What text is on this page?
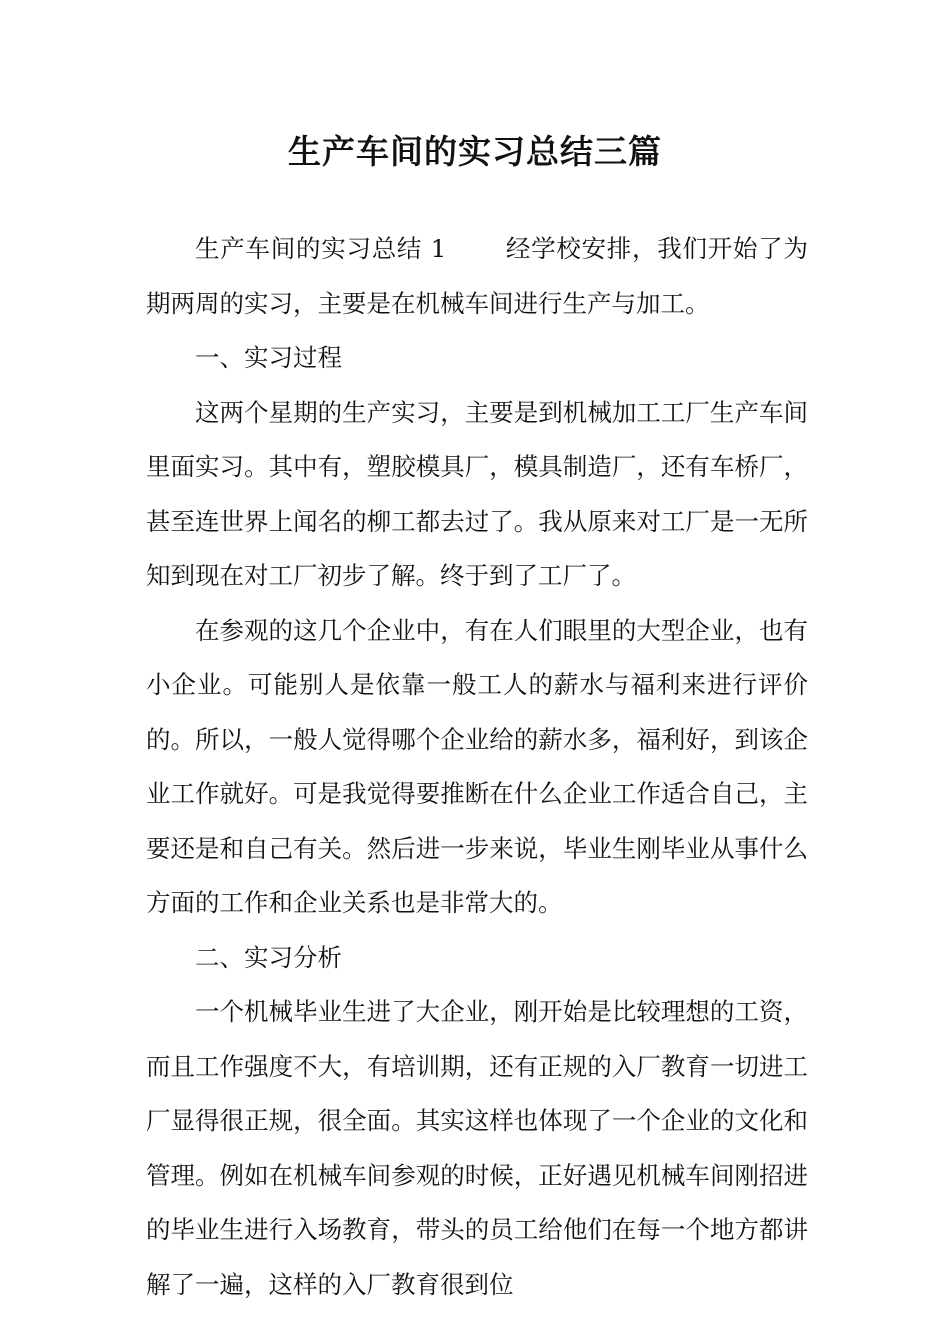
生产车间的实习总结三篇

生产车间的实习总结 1 经学校安排，我们开始了为期两周的实习，主要是在机械车间进行生产与加工。

一、实习过程

这两个星期的生产实习，主要是到机械加工工厂生产车间里面实习。其中有，塑胶模具厂，模具制造厂，还有车桥厂，甚至连世界上闻名的柳工都去过了。我从原来对工厂是一无所知到现在对工厂初步了解。终于到了工厂了。

在参观的这几个企业中，有在人们眼里的大型企业，也有小企业。可能别人是依靠一般工人的薪水与福利来进行评价的。所以，一般人觉得哪个企业给的薪水多，福利好，到该企业工作就好。可是我觉得要推断在什么企业工作适合自己，主要还是和自己有关。然后进一步来说，毕业生刚毕业从事什么方面的工作和企业关系也是非常大的。

二、实习分析

一个机械毕业生进了大企业，刚开始是比较理想的工资，而且工作强度不大，有培训期，还有正规的入厂教育一切进工厂显得很正规，很全面。其实这样也体现了一个企业的文化和管理。例如在机械车间参观的时候，正好遇见机械车间刚招进的毕业生进行入场教育，带头的员工给他们在每一个地方都讲解了一遍，这样的入厂教育很到位
